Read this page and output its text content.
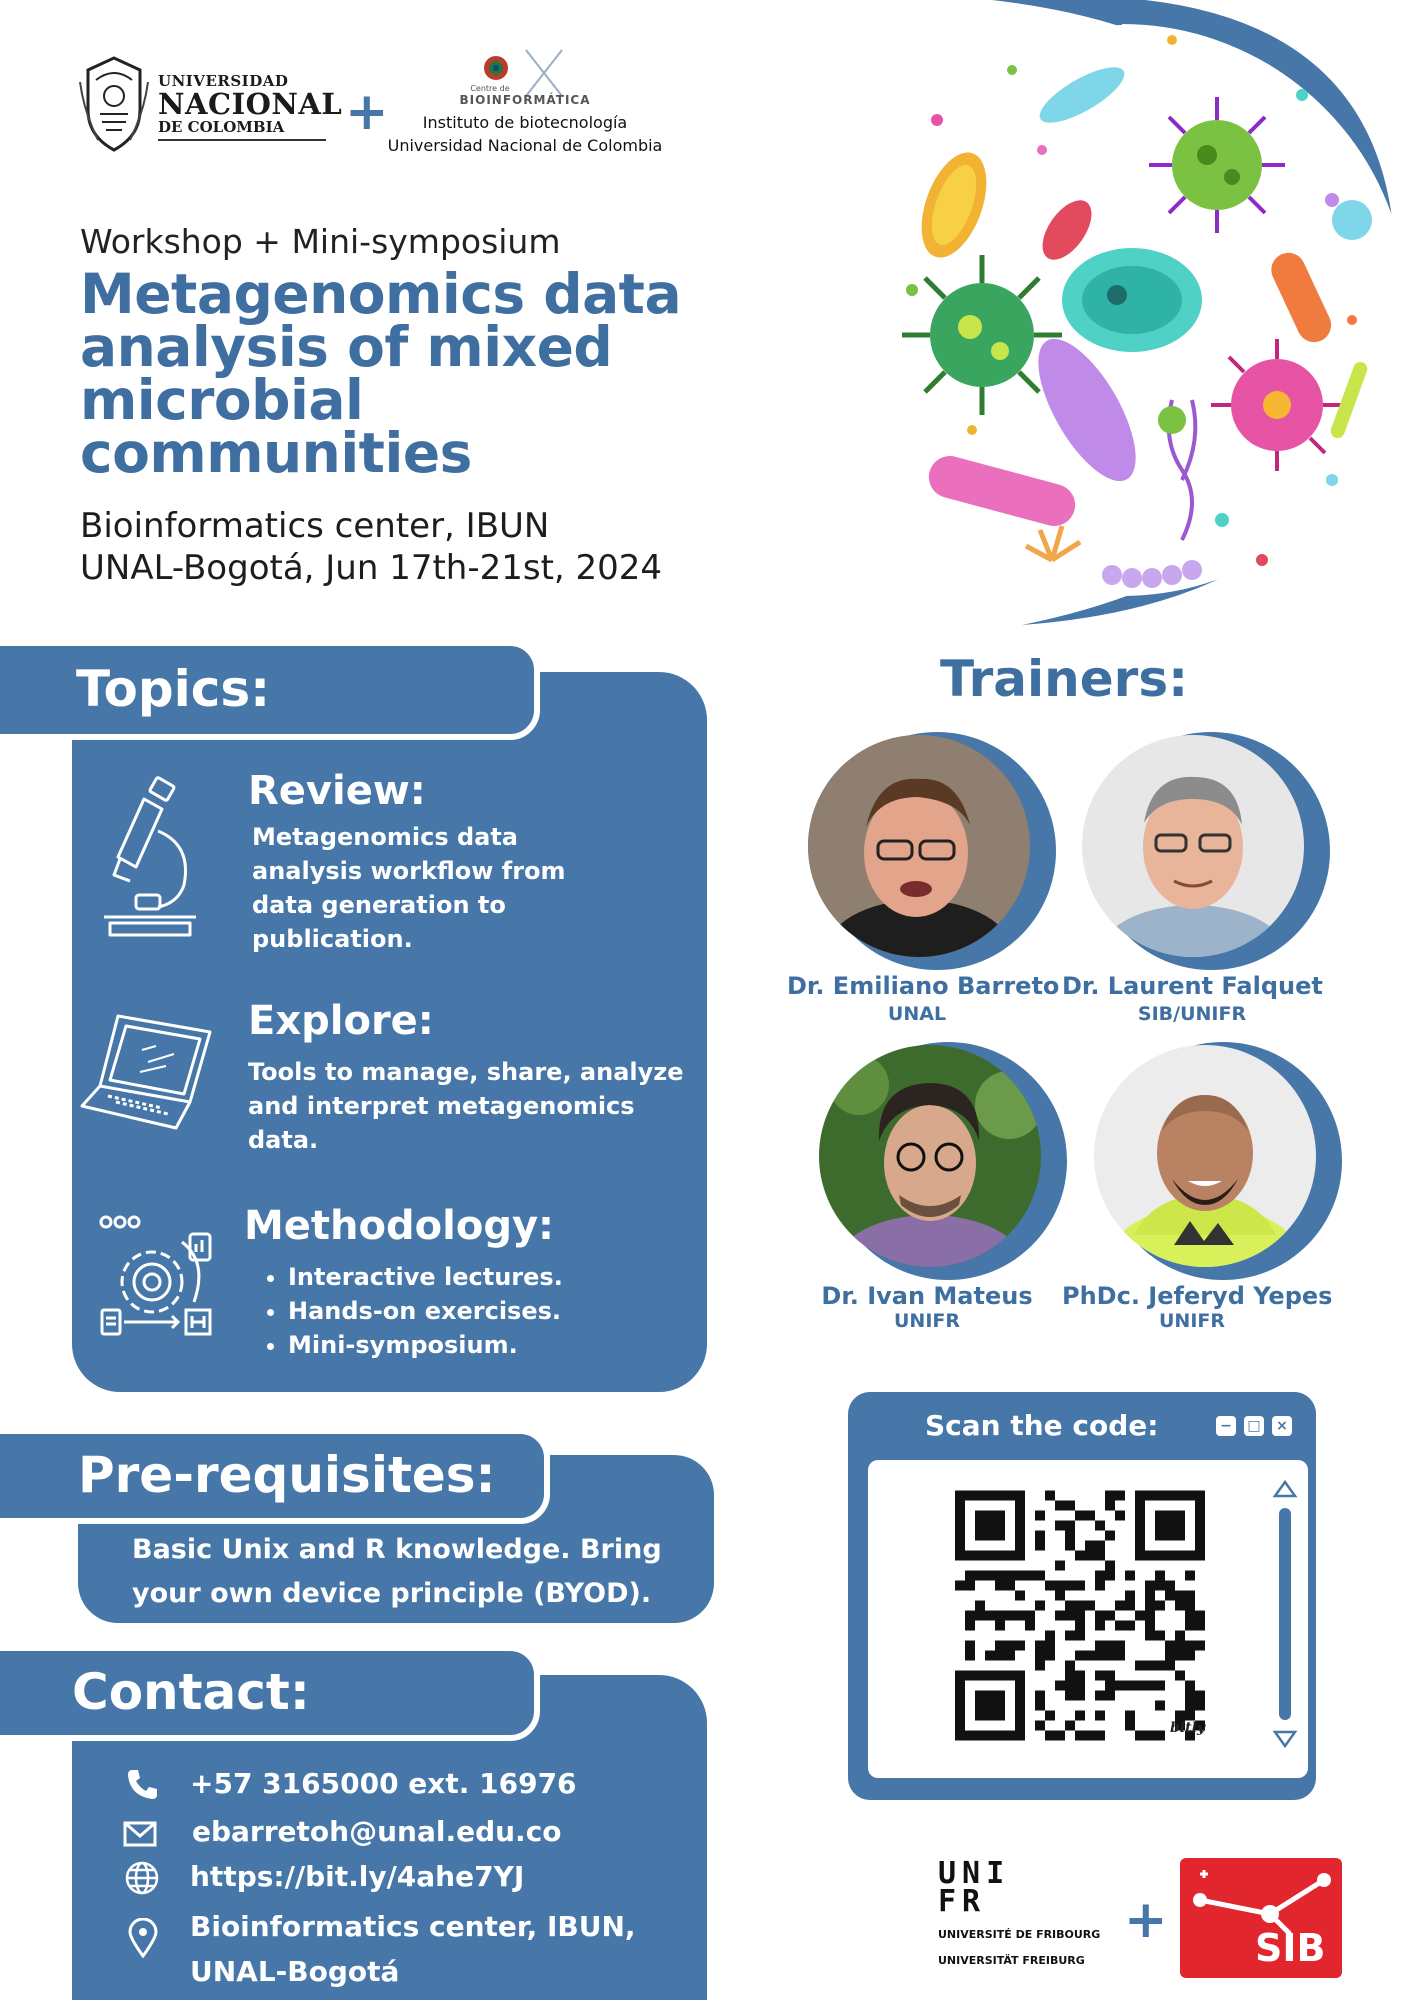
UNIVERSIDAD
NACIONAL
DE COLOMBIA	+	Centre de
BIOINFORMÁTICA
Instituto de biotecnología
Universidad Nacional de Colombia
Workshop + Mini-symposium
Metagenomics data
analysis of mixed
microbial
communities
Bioinformatics center, IBUN
UNAL-Bogotá, Jun 17th-21st, 2024
Topics:
Review:
Metagenomics data
analysis workflow from
data generation to
publication.
Explore:
Tools to manage, share, analyze
and interpret metagenomics
data.
Methodology:
• Interactive lectures.
• Hands-on exercises.
• Mini-symposium.
Pre-requisites:
Basic Unix and R knowledge. Bring
your own device principle (BYOD).
Contact:
+57 3165000 ext. 16976
ebarretoh@unal.edu.co
https://bit.ly/4ahe7YJ
Bioinformatics center, IBUN,
UNAL-Bogotá
Trainers:
Dr. Emiliano Barreto
UNAL
Dr. Laurent Falquet
SIB/UNIFR
Dr. Ivan Mateus
UNIFR
PhDc. Jeferyd Yepes
UNIFR
Scan the code:	− □ ×
bitly
UNI
FR
UNIVERSITÉ DE FRIBOURG
UNIVERSITÄT FREIBURG
+ SIB
